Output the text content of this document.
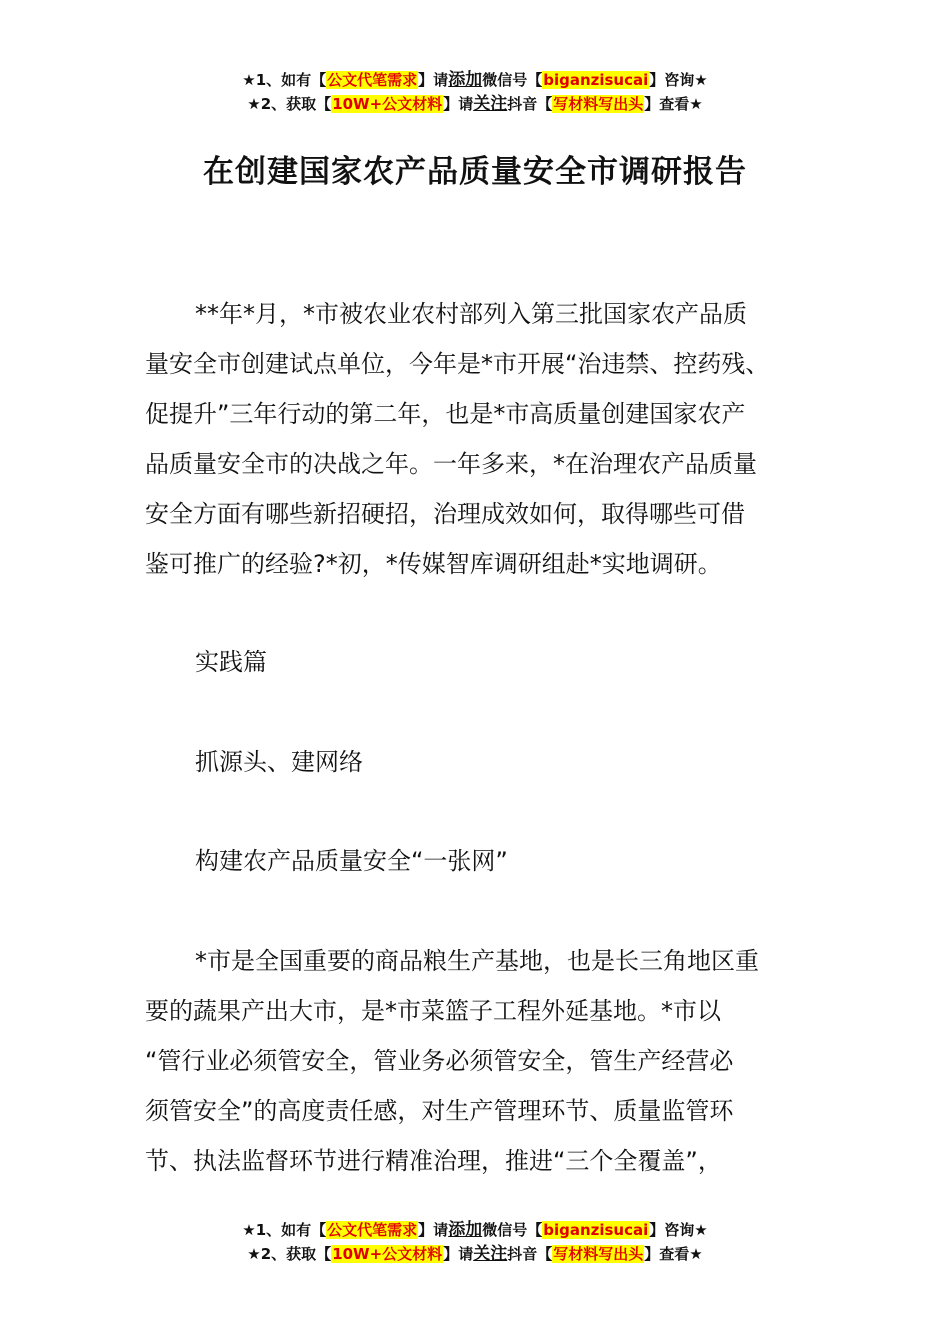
★1、如有【公文代笔需求】请添加微信号【biganzisucai】咨询★
★2、获取【10W+公文材料】请关注抖音【写材料写出头】查看★
在创建国家农产品质量安全市调研报告
**年*月，*市被农业农村部列入第三批国家农产品质
量安全市创建试点单位，今年是*市开展“治违禁、控药残、
促提升”三年行动的第二年，也是*市高质量创建国家农产
品质量安全市的决战之年。一年多来，*在治理农产品质量
安全方面有哪些新招硬招，治理成效如何，取得哪些可借
鉴可推广的经验?*初，*传媒智库调研组赴*实地调研。
实践篇
抓源头、建网络
构建农产品质量安全“一张网”
*市是全国重要的商品粮生产基地，也是长三角地区重
要的蔬果产出大市，是*市菜篮子工程外延基地。*市以
“管行业必须管安全，管业务必须管安全，管生产经营必
须管安全”的高度责任感，对生产管理环节、质量监管环
节、执法监督环节进行精准治理，推进“三个全覆盖”，
★1、如有【公文代笔需求】请添加微信号【biganzisucai】咨询★
★2、获取【10W+公文材料】请关注抖音【写材料写出头】查看★
